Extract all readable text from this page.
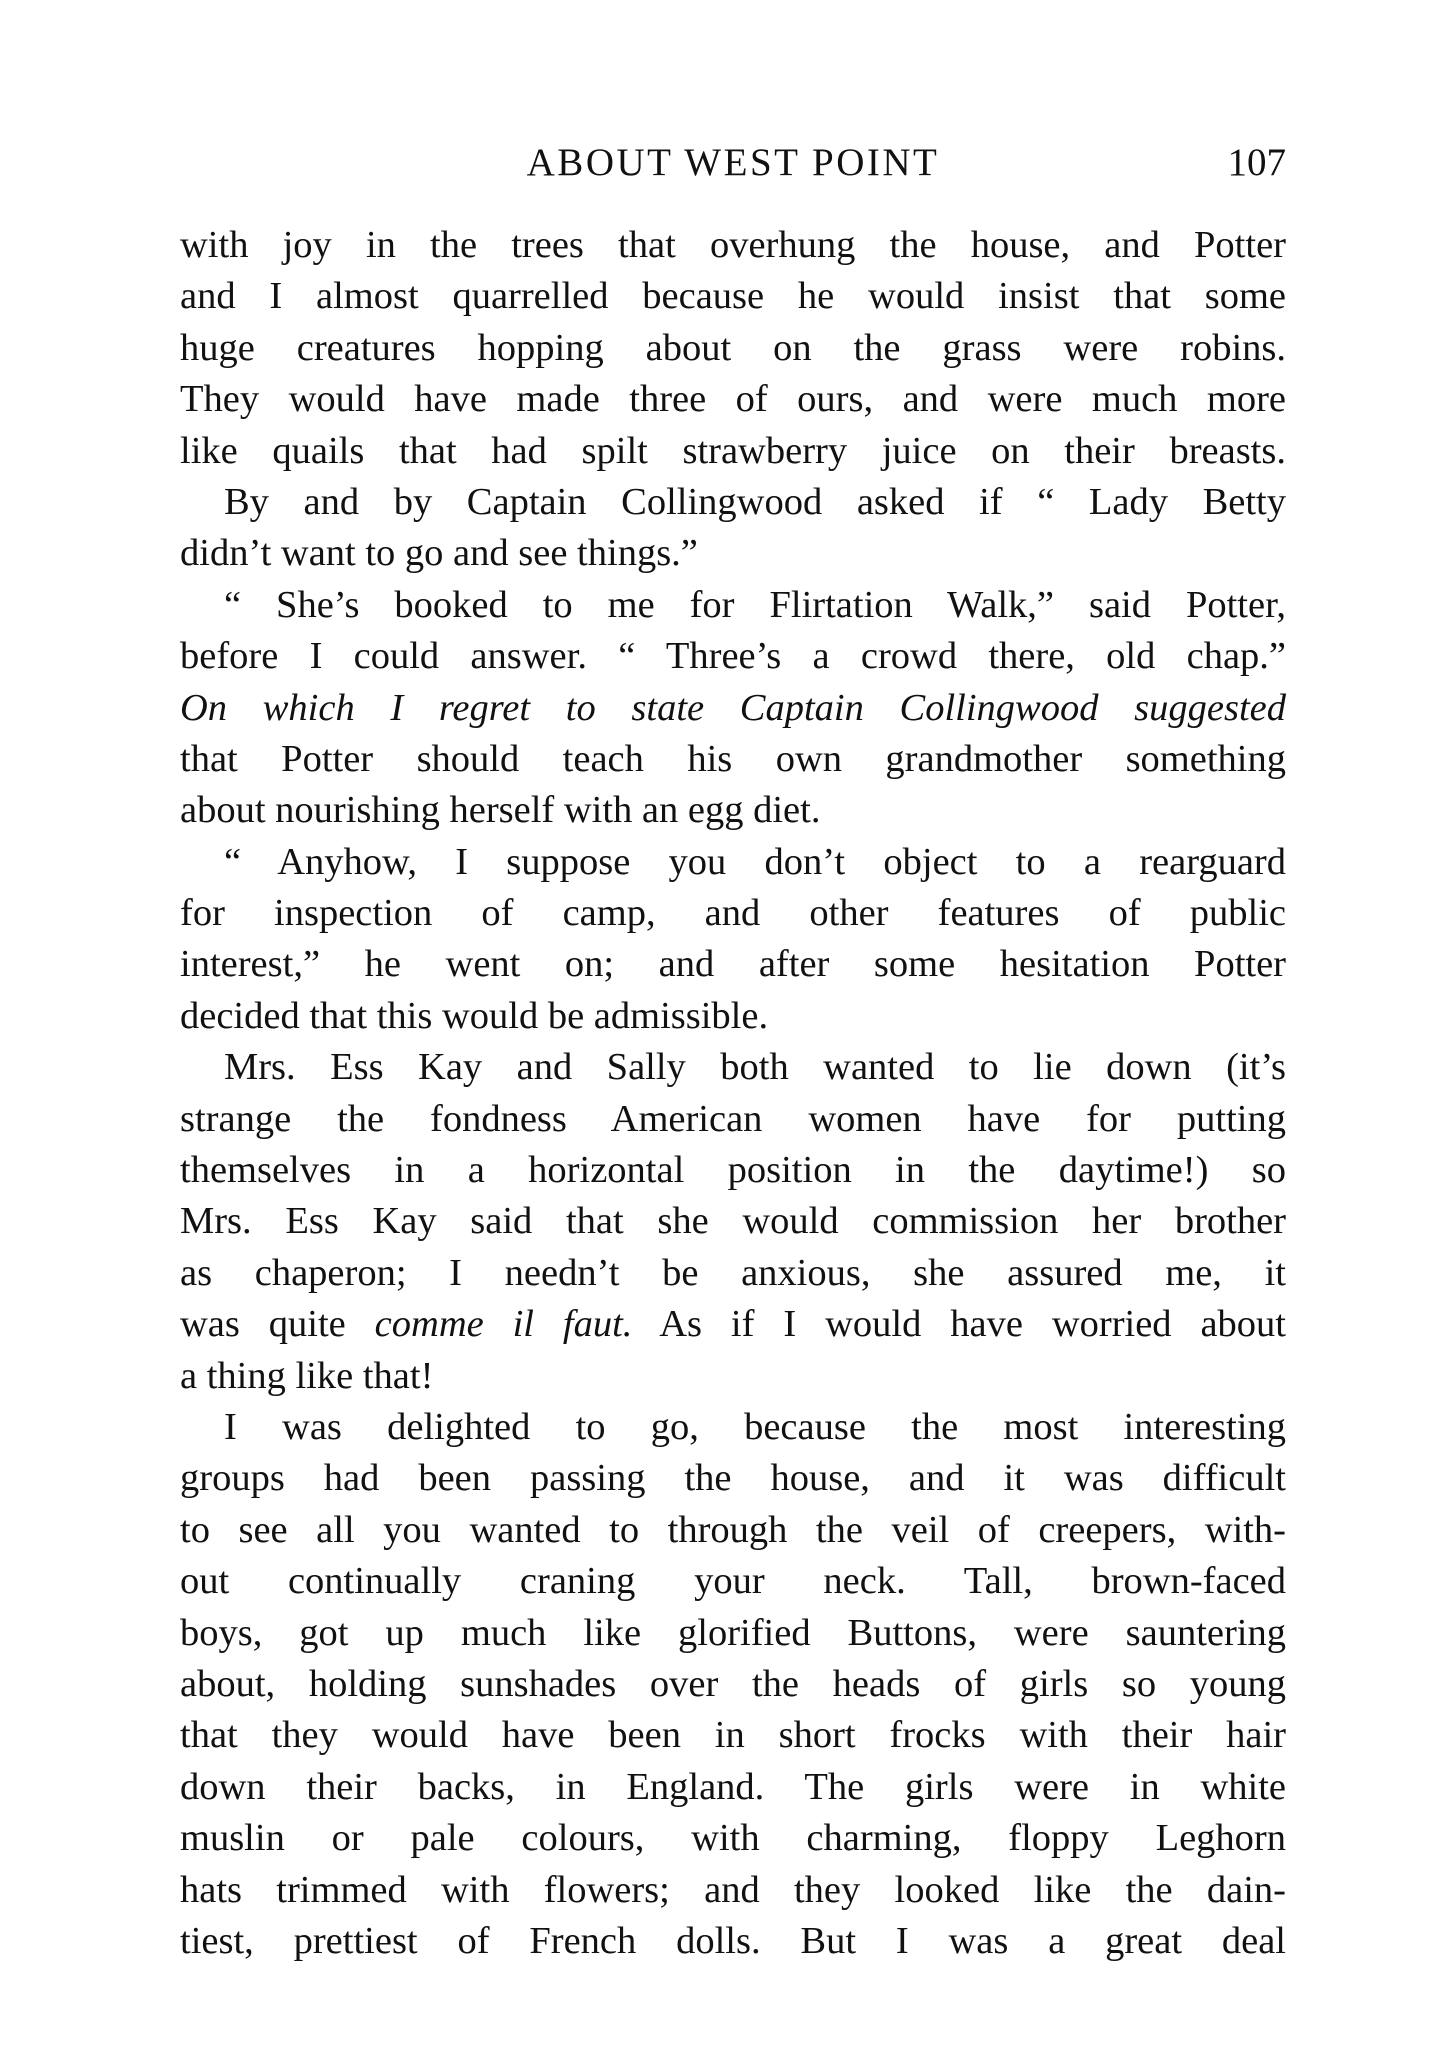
ABOUT WEST POINT	107
with joy in the trees that overhung the house, and Potter
and I almost quarrelled because he would insist that some
huge creatures hopping about on the grass were robins.
They would have made three of ours, and were much more
like quails that had spilt strawberry juice on their breasts.
By and by Captain Collingwood asked if “ Lady Betty
didn’t want to go and see things.”
“ She’s booked to me for Flirtation Walk,” said Potter,
before I could answer. “ Three’s a crowd there, old chap.”
On which I regret to state Captain Collingwood suggested
that Potter should teach his own grandmother something
about nourishing herself with an egg diet.
“ Anyhow, I suppose you don’t object to a rearguard
for inspection of camp, and other features of public
interest,” he went on; and after some hesitation Potter
decided that this would be admissible.
Mrs. Ess Kay and Sally both wanted to lie down (it’s
strange the fondness American women have for putting
themselves in a horizontal position in the daytime!) so
Mrs. Ess Kay said that she would commission her brother
as chaperon; I needn’t be anxious, she assured me, it
was quite comme il faut. As if I would have worried about
a thing like that!
I was delighted to go, because the most interesting
groups had been passing the house, and it was difficult
to see all you wanted to through the veil of creepers, with-
out continually craning your neck. Tall, brown-faced
boys, got up much like glorified Buttons, were sauntering
about, holding sunshades over the heads of girls so young
that they would have been in short frocks with their hair
down their backs, in England. The girls were in white
muslin or pale colours, with charming, floppy Leghorn
hats trimmed with flowers; and they looked like the dain-
tiest, prettiest of French dolls. But I was a great deal
